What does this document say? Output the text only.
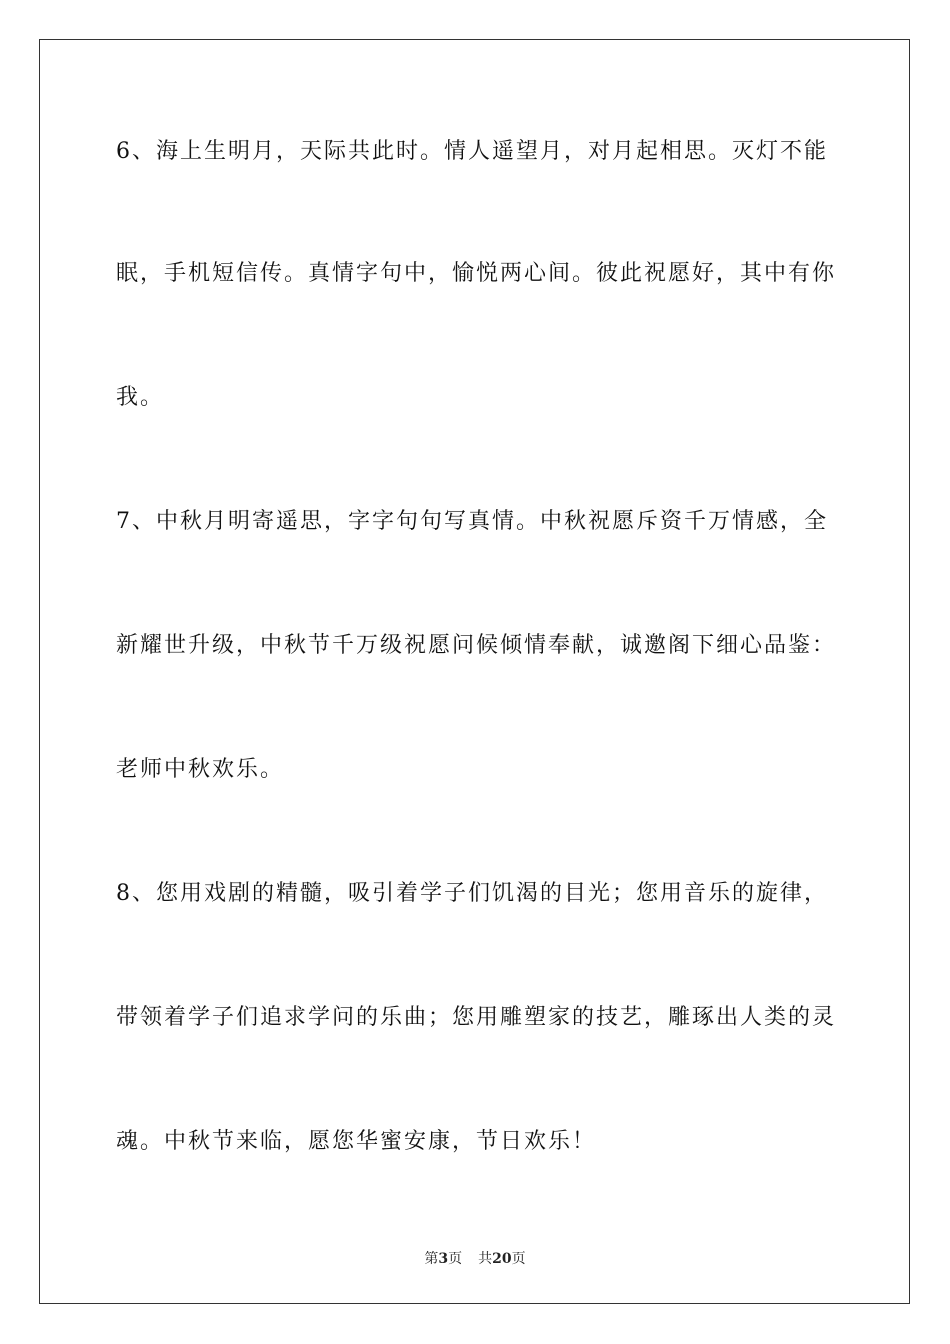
6、海上生明月，天际共此时。情人遥望月，对月起相思。灭灯不能

眠，手机短信传。真情字句中，愉悦两心间。彼此祝愿好，其中有你

我。

7、中秋月明寄遥思，字字句句写真情。中秋祝愿斥资千万情感，全

新耀世升级，中秋节千万级祝愿问候倾情奉献，诚邀阁下细心品鉴：

老师中秋欢乐。

8、您用戏剧的精髓，吸引着学子们饥渴的目光；您用音乐的旋律，

带领着学子们追求学问的乐曲；您用雕塑家的技艺，雕琢出人类的灵

魂。中秋节来临，愿您华蜜安康，节日欢乐！

第3页 共20页
